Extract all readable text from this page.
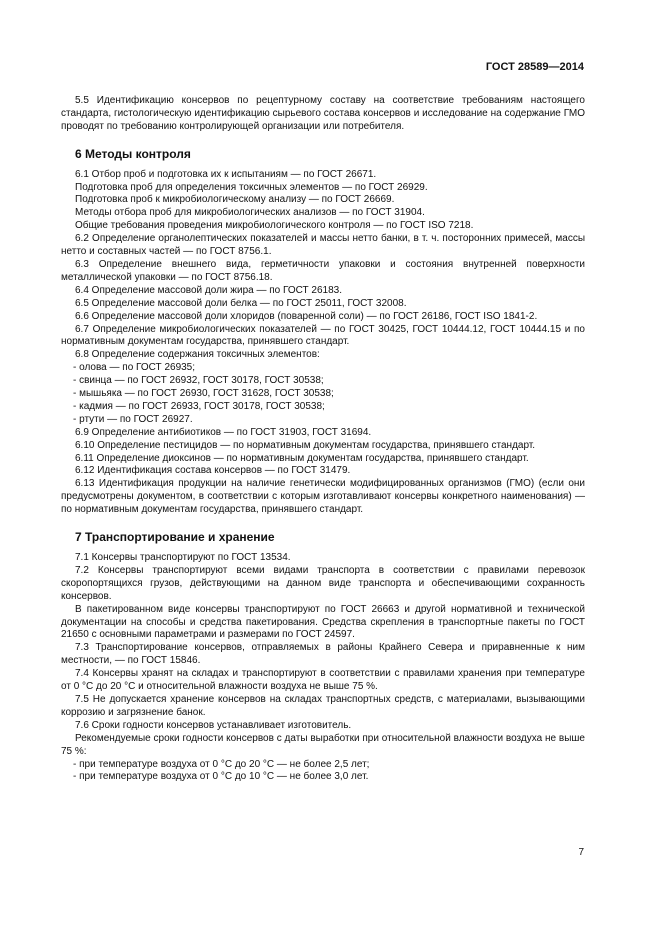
ГОСТ 28589—2014

5.5 Идентификацию консервов по рецептурному составу на соответствие требованиям настоящего стандарта, гистологическую идентификацию сырьевого состава консервов и исследование на содержание ГМО проводят по требованию контролирующей организации или потребителя.

6 Методы контроля

6.1 Отбор проб и подготовка их к испытаниям — по ГОСТ 26671.

Подготовка проб для определения токсичных элементов — по ГОСТ 26929.

Подготовка проб к микробиологическому анализу — по ГОСТ 26669.

Методы отбора проб для микробиологических анализов — по ГОСТ 31904.

Общие требования проведения микробиологического контроля — по ГОСТ ISO 7218.

6.2 Определение органолептических показателей и массы нетто банки, в т. ч. посторонних примесей, массы нетто и составных частей — по ГОСТ 8756.1.

6.3 Определение внешнего вида, герметичности упаковки и состояния внутренней поверхности металлической упаковки — по ГОСТ 8756.18.

6.4 Определение массовой доли жира — по ГОСТ 26183.

6.5 Определение массовой доли белка — по ГОСТ 25011, ГОСТ 32008.

6.6 Определение массовой доли хлоридов (поваренной соли) — по ГОСТ 26186, ГОСТ ISO 1841-2.

6.7 Определение микробиологических показателей — по ГОСТ 30425, ГОСТ 10444.12, ГОСТ 10444.15 и по нормативным документам государства, принявшего стандарт.

6.8 Определение содержания токсичных элементов:

- олова — по ГОСТ 26935;

- свинца — по ГОСТ 26932, ГОСТ 30178, ГОСТ 30538;

- мышьяка — по ГОСТ 26930, ГОСТ 31628, ГОСТ 30538;

- кадмия — по ГОСТ 26933, ГОСТ 30178, ГОСТ 30538;

- ртути — по ГОСТ 26927.

6.9 Определение антибиотиков — по ГОСТ 31903, ГОСТ 31694.

6.10 Определение пестицидов — по нормативным документам государства, принявшего стандарт.

6.11 Определение диоксинов — по нормативным документам государства, принявшего стандарт.

6.12 Идентификация состава консервов — по ГОСТ 31479.

6.13 Идентификация продукции на наличие генетически модифицированных организмов (ГМО) (если они предусмотрены документом, в соответствии с которым изготавливают консервы конкретного наименования) — по нормативным документам государства, принявшего стандарт.

7 Транспортирование и хранение

7.1 Консервы транспортируют по ГОСТ 13534.

7.2 Консервы транспортируют всеми видами транспорта в соответствии с правилами перевозок скоропортящихся грузов, действующими на данном виде транспорта и обеспечивающими сохранность консервов.

В пакетированном виде консервы транспортируют по ГОСТ 26663 и другой нормативной и технической документации на способы и средства пакетирования. Средства скрепления в транспортные пакеты по ГОСТ 21650 с основными параметрами и размерами по ГОСТ 24597.

7.3 Транспортирование консервов, отправляемых в районы Крайнего Севера и приравненные к ним местности, — по ГОСТ 15846.

7.4 Консервы хранят на складах и транспортируют в соответствии с правилами хранения при температуре от 0 °С до 20 °С и относительной влажности воздуха не выше 75 %.

7.5 Не допускается хранение консервов на складах транспортных средств, с материалами, вызывающими коррозию и загрязнение банок.

7.6 Сроки годности консервов устанавливает изготовитель.

Рекомендуемые сроки годности консервов с даты выработки при относительной влажности воздуха не выше 75 %:

- при температуре воздуха от 0 °С до 20 °С — не более 2,5 лет;

- при температуре воздуха от 0 °С до 10 °С — не более 3,0 лет.

7
